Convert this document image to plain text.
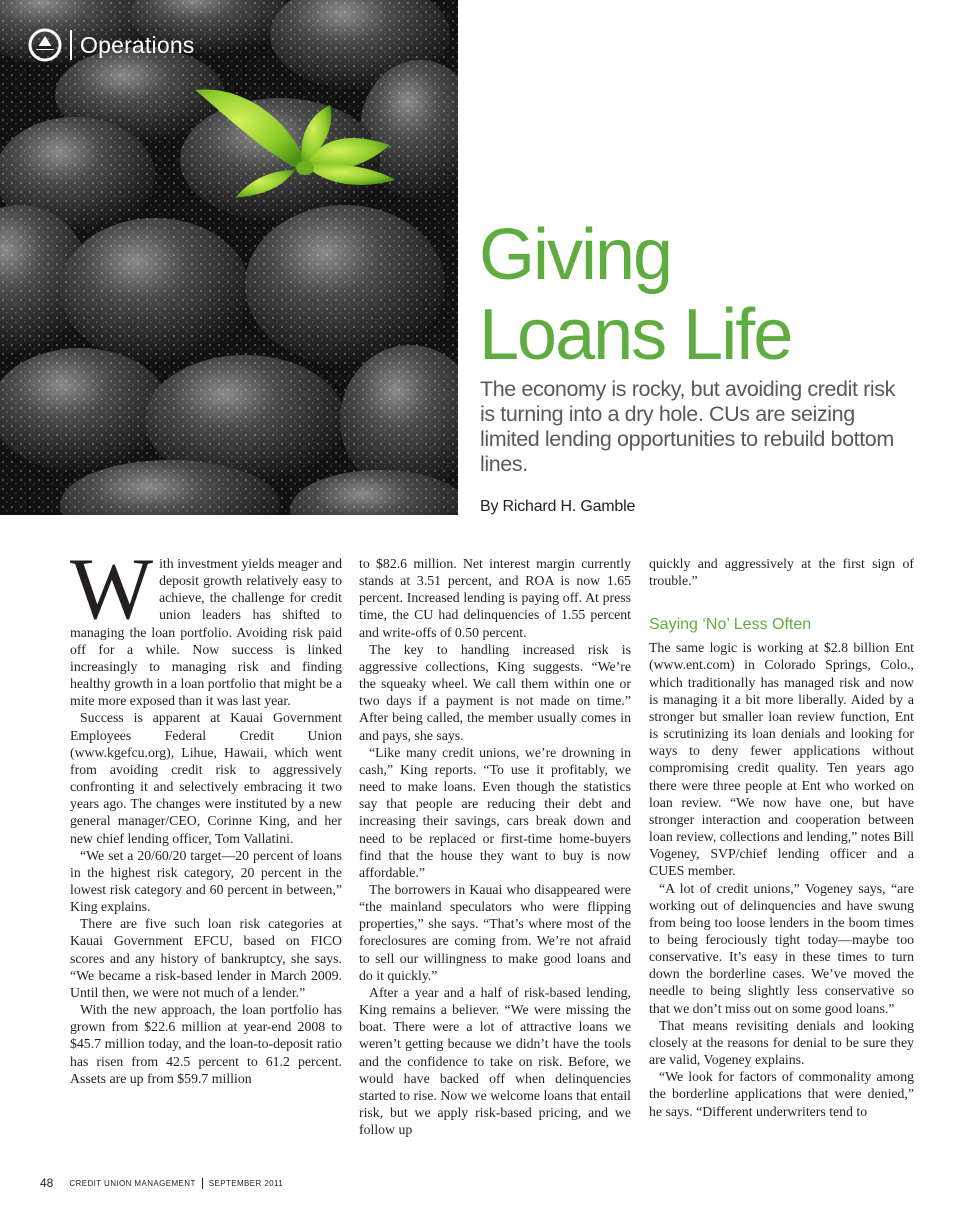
Operations
Giving
Loans Life

The economy is rocky, but avoiding credit risk is turning into a dry hole. CUs are seizing limited lending opportunities to rebuild bottom lines.

By Richard H. Gamble

With investment yields meager and deposit growth relatively easy to achieve, the challenge for credit union leaders has shifted to managing the loan portfolio. Avoiding risk paid off for a while. Now success is linked increasingly to managing risk and finding healthy growth in a loan portfolio that might be a mite more exposed than it was last year.

Success is apparent at Kauai Government Employees Federal Credit Union (www.kgefcu.org), Lihue, Hawaii, which went from avoiding credit risk to aggressively confronting it and selectively embracing it two years ago. The changes were instituted by a new general manager/CEO, Corinne King, and her new chief lending officer, Tom Vallatini.

“We set a 20/60/20 target—20 percent of loans in the highest risk category, 20 percent in the lowest risk category and 60 percent in between,” King explains.

There are five such loan risk categories at Kauai Government EFCU, based on FICO scores and any history of bankruptcy, she says. “We became a risk-based lender in March 2009. Until then, we were not much of a lender.”

With the new approach, the loan portfolio has grown from $22.6 million at year-end 2008 to $45.7 million today, and the loan-to-deposit ratio has risen from 42.5 percent to 61.2 percent. Assets are up from $59.7 million

to $82.6 million. Net interest margin currently stands at 3.51 percent, and ROA is now 1.65 percent. Increased lending is paying off. At press time, the CU had delinquencies of 1.55 percent and write-offs of 0.50 percent.

The key to handling increased risk is aggressive collections, King suggests. “We’re the squeaky wheel. We call them within one or two days if a payment is not made on time.” After being called, the member usually comes in and pays, she says.

“Like many credit unions, we’re drowning in cash,” King reports. “To use it profitably, we need to make loans. Even though the statistics say that people are reducing their debt and increasing their savings, cars break down and need to be replaced or first-time home-buyers find that the house they want to buy is now affordable.”

The borrowers in Kauai who disappeared were “the mainland speculators who were flipping properties,” she says. “That’s where most of the foreclosures are coming from. We’re not afraid to sell our willingness to make good loans and do it quickly.”

After a year and a half of risk-based lending, King remains a believer. “We were missing the boat. There were a lot of attractive loans we weren’t getting because we didn’t have the tools and the confidence to take on risk. Before, we would have backed off when delinquencies started to rise. Now we welcome loans that entail risk, but we apply risk-based pricing, and we follow up

quickly and aggressively at the first sign of trouble.”

Saying ‘No’ Less Often

The same logic is working at $2.8 billion Ent (www.ent.com) in Colorado Springs, Colo., which traditionally has managed risk and now is managing it a bit more liberally. Aided by a stronger but smaller loan review function, Ent is scrutinizing its loan denials and looking for ways to deny fewer applications without compromising credit quality. Ten years ago there were three people at Ent who worked on loan review. “We now have one, but have stronger interaction and cooperation between loan review, collections and lending,” notes Bill Vogeney, SVP/chief lending officer and a CUES member.

“A lot of credit unions,” Vogeney says, “are working out of delinquencies and have swung from being too loose lenders in the boom times to being ferociously tight today—maybe too conservative. It’s easy in these times to turn down the borderline cases. We’ve moved the needle to being slightly less conservative so that we don’t miss out on some good loans.”

That means revisiting denials and looking closely at the reasons for denial to be sure they are valid, Vogeney explains.

“We look for factors of commonality among the borderline applications that were denied,” he says. “Different underwriters tend to

48 CREDIT UNION MANAGEMENT SEPTEMBER 2011
